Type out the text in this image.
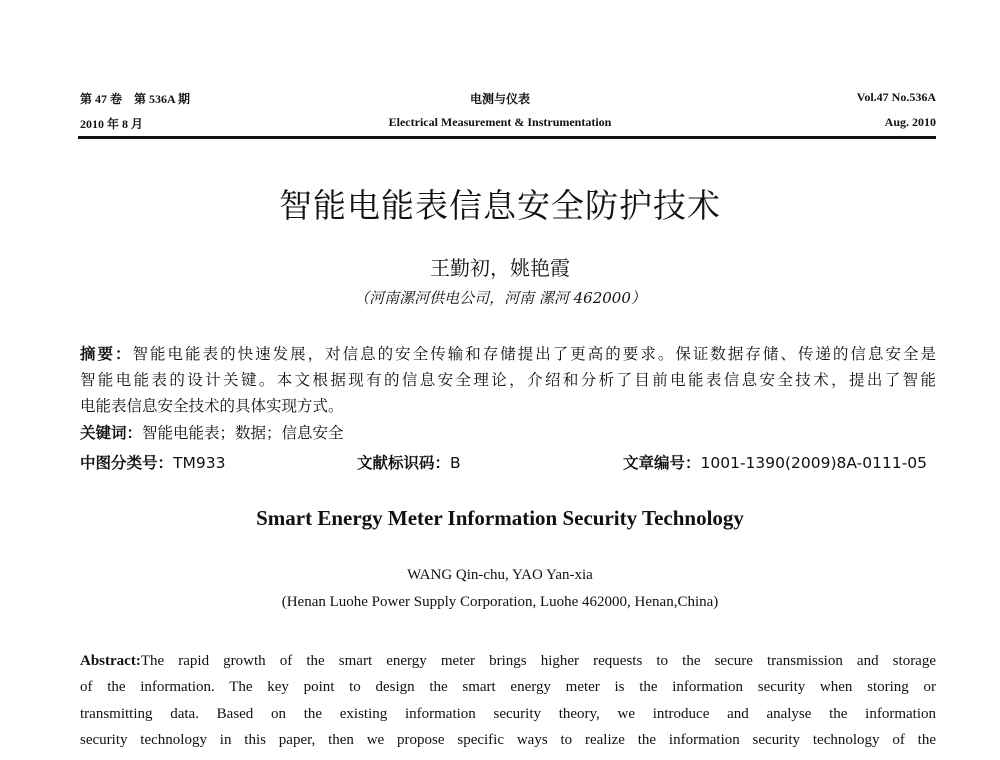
第 47 卷　第 536A 期
2010 年 8 月
电测与仪表
Electrical Measurement & Instrumentation
Vol.47 No.536A
Aug. 2010
智能电能表信息安全防护技术
王勤初，姚艳霞
（河南漯河供电公司，河南 漯河 462000）
摘要：智能电能表的快速发展，对信息的安全传输和存储提出了更高的要求。保证数据存储、传递的信息安全是
智能电能表的设计关键。本文根据现有的信息安全理论，介绍和分析了目前电能表信息安全技术，提出了智能
电能表信息安全技术的具体实现方式。
关键词：智能电能表；数据；信息安全
中图分类号：TM933	文献标识码：B	文章编号：1001-1390(2009)8A-0111-05
Smart Energy Meter Information Security Technology
WANG Qin-chu, YAO Yan-xia
(Henan Luohe Power Supply Corporation, Luohe 462000, Henan,China)
Abstract:The rapid growth of the smart energy meter brings higher requests to the secure transmission and storage
of the information. The key point to design the smart energy meter is the information security when storing or
transmitting data. Based on the existing information security theory, we introduce and analyse the information
security technology in this paper, then we propose specific ways to realize the information security technology of the
